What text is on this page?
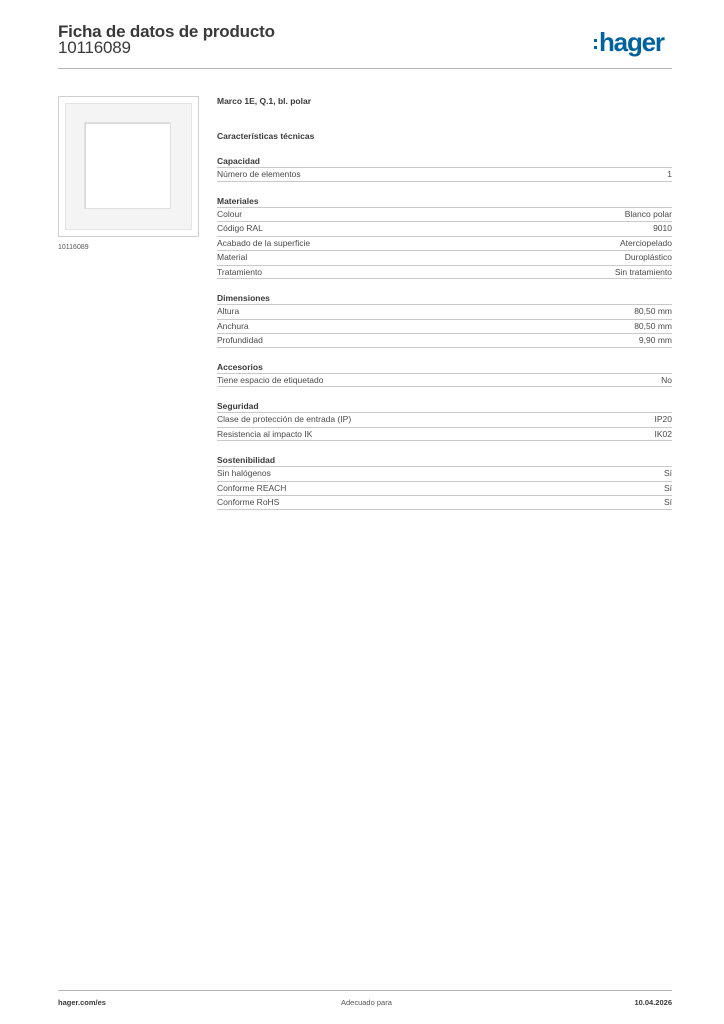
Ficha de datos de producto
10116089	hager
10116089
Marco 1E, Q.1, bl. polar
Características técnicas
Capacidad
Número de elementos	1
Materiales
Colour	Blanco polar
Código RAL	9010
Acabado de la superficie	Aterciopelado
Material	Duroplástico
Tratamiento	Sin tratamiento
Dimensiones
Altura	80,50 mm
Anchura	80,50 mm
Profundidad	9,90 mm
Accesorios
Tiene espacio de etiquetado	No
Seguridad
Clase de protección de entrada (IP)	IP20
Resistencia al impacto IK	IK02
Sostenibilidad
Sin halógenos	Sí
Conforme REACH	Sí
Conforme RoHS	Sí
hager.com/es	Adecuado para	10.04.2026
